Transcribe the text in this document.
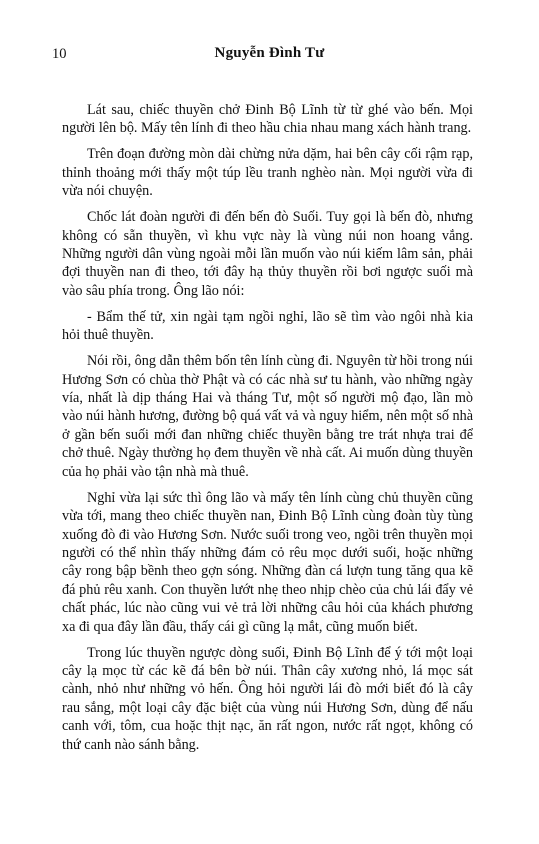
10	Nguyễn Đình Tư

Lát sau, chiếc thuyền chở Đinh Bộ Lĩnh từ từ ghé vào bến. Mọi người lên bộ. Mấy tên lính đi theo hầu chia nhau mang xách hành trang.

Trên đoạn đường mòn dài chừng nửa dặm, hai bên cây cối rậm rạp, thỉnh thoảng mới thấy một túp lều tranh nghèo nàn. Mọi người vừa đi vừa nói chuyện.

Chốc lát đoàn người đi đến bến đò Suối. Tuy gọi là bến đò, nhưng không có sẵn thuyền, vì khu vực này là vùng núi non hoang vắng. Những người dân vùng ngoài mỗi lần muốn vào núi kiếm lâm sản, phải đợi thuyền nan đi theo, tới đây hạ thủy thuyền rồi bơi ngược suối mà vào sâu phía trong. Ông lão nói:

- Bẩm thế tử, xin ngài tạm ngồi nghỉ, lão sẽ tìm vào ngôi nhà kia hỏi thuê thuyền.

Nói rồi, ông dẫn thêm bốn tên lính cùng đi. Nguyên từ hồi trong núi Hương Sơn có chùa thờ Phật và có các nhà sư tu hành, vào những ngày vía, nhất là dịp tháng Hai và tháng Tư, một số người mộ đạo, lần mò vào núi hành hương, đường bộ quá vất vả và nguy hiểm, nên một số nhà ở gần bến suối mới đan những chiếc thuyền bằng tre trát nhựa trai để chở thuê. Ngày thường họ đem thuyền về nhà cất. Ai muốn dùng thuyền của họ phải vào tận nhà mà thuê.

Nghỉ vừa lại sức thì ông lão và mấy tên lính cùng chủ thuyền cũng vừa tới, mang theo chiếc thuyền nan, Đinh Bộ Lĩnh cùng đoàn tùy tùng xuống đò đi vào Hương Sơn. Nước suối trong veo, ngồi trên thuyền mọi người có thể nhìn thấy những đám cỏ rêu mọc dưới suối, hoặc những cây rong bập bềnh theo gợn sóng. Những đàn cá lượn tung tăng qua kẽ đá phủ rêu xanh. Con thuyền lướt nhẹ theo nhịp chèo của chủ lái đẩy vẻ chất phác, lúc nào cũng vui vẻ trả lời những câu hỏi của khách phương xa đi qua đây lần đầu, thấy cái gì cũng lạ mắt, cũng muốn biết.

Trong lúc thuyền ngược dòng suối, Đinh Bộ Lĩnh để ý tới một loại cây lạ mọc từ các kẽ đá bên bờ núi. Thân cây xương nhỏ, lá mọc sát cành, nhỏ như những vỏ hến. Ông hỏi người lái đò mới biết đó là cây rau sắng, một loại cây đặc biệt của vùng núi Hương Sơn, dùng để nấu canh với, tôm, cua hoặc thịt nạc, ăn rất ngon, nước rất ngọt, không có thứ canh nào sánh bằng.
